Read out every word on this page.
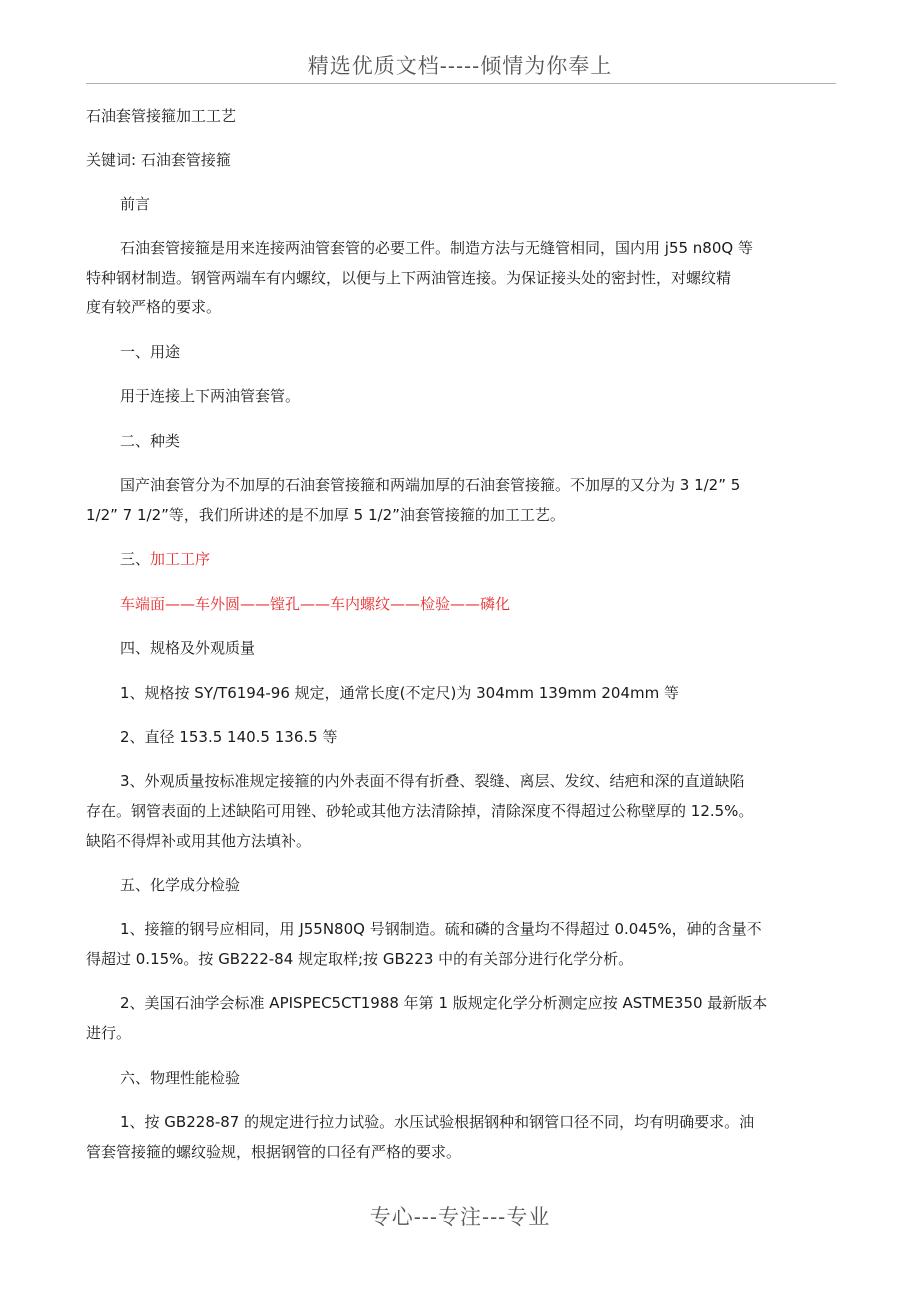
精选优质文档-----倾情为你奉上
石油套管接箍加工工艺
关键词: 石油套管接箍
前言
石油套管接箍是用来连接两油管套管的必要工件。制造方法与无缝管相同，国内用 j55 n80Q 等
特种钢材制造。钢管两端车有内螺纹，以便与上下两油管连接。为保证接头处的密封性，对螺纹精
度有较严格的要求。
一、用途
用于连接上下两油管套管。
二、种类
国产油套管分为不加厚的石油套管接箍和两端加厚的石油套管接箍。不加厚的又分为 3 1/2” 5
1/2” 7 1/2”等，我们所讲述的是不加厚 5 1/2”油套管接箍的加工工艺。
三、加工工序
车端面——车外圆——镗孔——车内螺纹——检验——磷化
四、规格及外观质量
1、规格按 SY/T6194-96 规定，通常长度(不定尺)为 304mm 139mm 204mm 等
2、直径 153.5 140.5 136.5 等
3、外观质量按标准规定接箍的内外表面不得有折叠、裂缝、离层、发纹、结疤和深的直道缺陷
存在。钢管表面的上述缺陷可用锉、砂轮或其他方法清除掉，清除深度不得超过公称壁厚的 12.5%。
缺陷不得焊补或用其他方法填补。
五、化学成分检验
1、接箍的钢号应相同，用 J55N80Q 号钢制造。硫和磷的含量均不得超过 0.045%，砷的含量不
得超过 0.15%。按 GB222-84 规定取样;按 GB223 中的有关部分进行化学分析。
2、美国石油学会标准 APISPEC5CT1988 年第 1 版规定化学分析测定应按 ASTME350 最新版本
进行。
六、物理性能检验
1、按 GB228-87 的规定进行拉力试验。水压试验根据钢种和钢管口径不同，均有明确要求。油
管套管接箍的螺纹验规，根据钢管的口径有严格的要求。
专心---专注---专业
